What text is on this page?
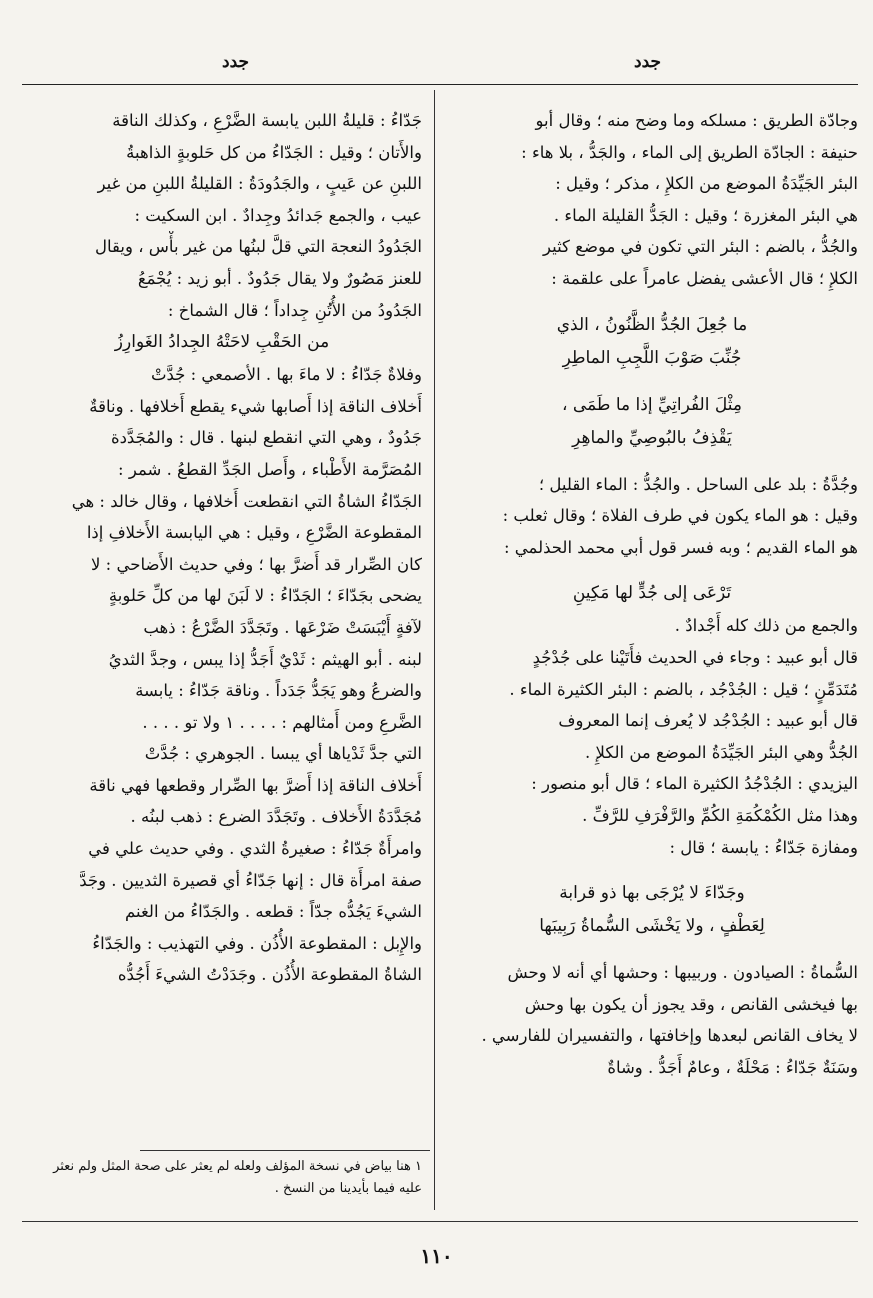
جدد
جدد
وجادّة الطريق : مسلكه وما وضح منه ؛ وقال أبو
حنيفة : الجادّة الطريق إلى الماء ، والجَدُّ ، بلا هاء :
البئر الجَيِّدَةُ الموضع من الكلإِ ، مذكر ؛ وقيل :
هي البئر المغزرة ؛ وقيل : الجَدُّ القليلة الماء .
والجُدُّ ، بالضم : البئر التي تكون في موضع كثير
الكلإِ ؛ قال الأعشى يفضل عامراً على علقمة :
ما جُعِلَ الجُدُّ الظَّنُونُ ، الذي
جُنِّبَ صَوْبَ اللَّجِبِ الماطِرِ
مِثْلَ الفُراتِيِّ إذا ما طَمَى ،
يَقْذِفُ بالبُوصِيِّ والماهِرِ
وجُدَّةُ : بلد على الساحل . والجُدُّ : الماء القليل ؛
وقيل : هو الماء يكون في طرف الفلاة ؛ وقال ثعلب :
هو الماء القديم ؛ وبه فسر قول أبي محمد الحذلمي :
تَرْعَى إلى جُدٍّ لها مَكِينِ
والجمع من ذلك كله أَجْدادٌ .
قال أبو عبيد : وجاء في الحديث فأَتَيْنا على جُدْجُدٍ
مُتَدَمِّنٍ ؛ قيل : الجُدْجُد ، بالضم : البئر الكثيرة الماء .
قال أبو عبيد : الجُدْجُد لا يُعرف إنما المعروف
الجُدُّ وهي البئر الجَيِّدَةُ الموضع من الكلإِ .
اليزيدي : الجُدْجُدُ الكثيرة الماء ؛ قال أبو منصور :
وهذا مثل الكُمْكُمَةِ الكُمِّ والرَّفْرَفِ للرَّفِّ .
ومفازة جَدّاءُ : يابسة ؛ قال :
وجَدّاءَ لا يُرْجَى بها ذو قرابة
لِعَطْفٍ ، ولا يَخْشَى السُّماةُ رَبِيبَها
السُّماةُ : الصيادون . وربيبها : وحشها أي أنه لا وحش
بها فيخشى القانص ، وقد يجوز أن يكون بها وحش
لا يخاف القانص لبعدها وإخافتها ، والتفسيران للفارسي .
وسَنَةٌ جَدّاءُ : مَحْلَةٌ ، وعامٌ أَجَدُّ . وشاةٌ
جَدّاءُ : قليلةُ اللبن يابسة الضَّرْعِ ، وكذلك الناقة
والأَتان ؛ وقيل : الجَدّاءُ من كل حَلوبةٍ الذاهبةُ
اللبنِ عن عَيبٍ ، والجَدُودَةُ : القليلةُ اللبنِ من غير
عيب ، والجمع جَدائدُ وجِدادٌ . ابن السكيت :
الجَدُودُ النعجة التي قلَّ لبنُها من غير بأْس ، ويقال
للعنز مَصُورٌ ولا يقال جَدُودٌ . أبو زيد : يُجْمَعُ
الجَدُودُ من الأُتُنِ جِداداً ؛ قال الشماخ :
من الحَقْبِ لاحَتْهُ الجِدادُ الغَوارِزُ
وفلاةٌ جَدّاءُ : لا ماءَ بها . الأصمعي : جُدَّتْ
أَخلاف الناقة إذا أَصابها شيء يقطع أَخلافها . وناقةٌ
جَدُودٌ ، وهي التي انقطع لبنها . قال : والمُجَدَّدة
المُصَرَّمة الأَطْباء ، وأَصل الجَدِّ القطعُ . شمر :
الجَدّاءُ الشاةُ التي انقطعت أَخلافها ، وقال خالد : هي
المقطوعة الضَّرْعِ ، وقيل : هي اليابسة الأَخلافِ إذا
كان الصِّرار قد أَضرَّ بها ؛ وفي حديث الأَضاحي : لا
يضحى بجَدّاءَ ؛ الجَدّاءُ : لا لَبَنَ لها من كلِّ حَلوبةٍ
لآفةٍ أَيْبَسَتْ ضَرْعَها . وتَجَدَّدَ الضَّرْعُ : ذهب
لبنه . أبو الهيثم : ثَدْيٌ أَجَدُّ إذا يبس ، وجدَّ الثديُ
والضرعُ وهو يَجَدُّ جَدَداً . وناقة جَدّاءُ : يابسة
الضَّرعِ ومن أَمثالهم : . . . . ١ ولا تو . . . .
التي جدَّ ثَدْياها أي يبسا . الجوهري : جُدَّتْ
أَخلاف الناقة إذا أَضرَّ بها الصِّرار وقطعها فهي ناقة
مُجَدَّدَةُ الأَخلاف . وتَجَدَّدَ الضرع : ذهب لبنُه .
وامرأَةٌ جَدّاءُ : صغيرةُ الثدي . وفي حديث علي في
صفة امرأَة قال : إنها جَدّاءُ أي قصيرة الثديين . وجَدَّ
الشيءَ يَجُدُّه جدّاً : قطعه . والجَدّاءُ من الغنم
والإِبل : المقطوعة الأُذُن . وفي التهذيب : والجَدّاءُ
الشاةُ المقطوعة الأُذُن . وجَدَدْتُ الشيءَ أَجُدُّه
١ هنا بياض في نسخة المؤلف ولعله لم يعثر على صحة المثل ولم نعثر
عليه فيما بأيدينا من النسخ .
١١٠
